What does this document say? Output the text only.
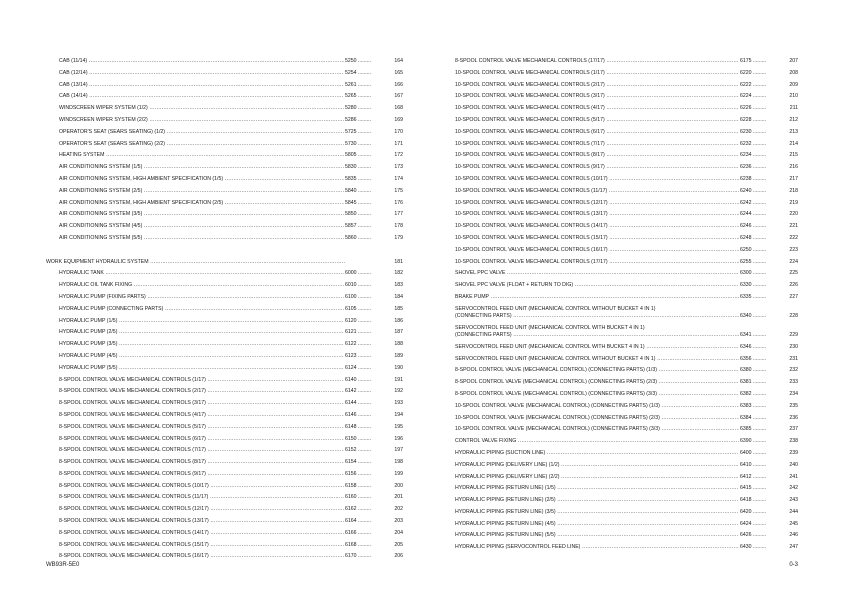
CAB (11/14) .....	5250 .....	164
CAB (12/14) .....	5254 .....	165
CAB (13/14) .....	5261 .....	166
CAB (14/14) .....	5265 .....	167
WINDSCREEN WIPER SYSTEM (1/2) .....	5280 .....	168
WINDSCREEN WIPER SYSTEM (2/2) .....	5286 .....	169
OPERATOR'S SEAT (SEARS SEATING) (1/2) .....	5725 .....	170
OPERATOR'S SEAT (SEARS SEATING) (2/2) .....	5730 .....	171
HEATING SYSTEM .....	5805 .....	172
AIR CONDITIONING SYSTEM (1/5) .....	5830 .....	173
AIR CONDITIONING SYSTEM, HIGH AMBIENT SPECIFICATION (1/5) .....	5835 .....	174
AIR CONDITIONING SYSTEM (2/5) .....	5840 .....	175
AIR CONDITIONING SYSTEM, HIGH AMBIENT SPECIFICATION (2/5) .....	5845 .....	176
AIR CONDITIONING SYSTEM (3/5) .....	5850 .....	177
AIR CONDITIONING SYSTEM (4/5) .....	5857 .....	178
AIR CONDITIONING SYSTEM (5/5) .....	5860 .....	179
WORK EQUIPMENT HYDRAULIC SYSTEM .....	181
HYDRAULIC TANK .....	6000 .....	182
HYDRAULIC OIL TANK FIXING .....	6010 .....	183
HYDRAULIC PUMP (FIXING PARTS) .....	6100 .....	184
HYDRAULIC PUMP (CONNECTING PARTS) .....	6105 .....	185
HYDRAULIC PUMP (1/5) .....	6120 .....	186
HYDRAULIC PUMP (2/5) .....	6121 .....	187
HYDRAULIC PUMP (3/5) .....	6122 .....	188
HYDRAULIC PUMP (4/5) .....	6123 .....	189
HYDRAULIC PUMP (5/5) .....	6124 .....	190
8-SPOOL CONTROL VALVE MECHANICAL CONTROLS (1/17) .....	6140 .....	191
8-SPOOL CONTROL VALVE MECHANICAL CONTROLS (2/17) .....	6142 .....	192
8-SPOOL CONTROL VALVE MECHANICAL CONTROLS (3/17) .....	6144 .....	193
8-SPOOL CONTROL VALVE MECHANICAL CONTROLS (4/17) .....	6146 .....	194
8-SPOOL CONTROL VALVE MECHANICAL CONTROLS (5/17) .....	6148 .....	195
8-SPOOL CONTROL VALVE MECHANICAL CONTROLS (6/17) .....	6150 .....	196
8-SPOOL CONTROL VALVE MECHANICAL CONTROLS (7/17) .....	6152 .....	197
8-SPOOL CONTROL VALVE MECHANICAL CONTROLS (8/17) .....	6154 .....	198
8-SPOOL CONTROL VALVE MECHANICAL CONTROLS (9/17) .....	6156 .....	199
8-SPOOL CONTROL VALVE MECHANICAL CONTROLS (10/17) .....	6158 .....	200
8-SPOOL CONTROL VALVE MECHANICAL CONTROLS (11/17) .....	6160 .....	201
8-SPOOL CONTROL VALVE MECHANICAL CONTROLS (12/17) .....	6162 .....	202
8-SPOOL CONTROL VALVE MECHANICAL CONTROLS (13/17) .....	6164 .....	203
8-SPOOL CONTROL VALVE MECHANICAL CONTROLS (14/17) .....	6166 .....	204
8-SPOOL CONTROL VALVE MECHANICAL CONTROLS (15/17) .....	6168 .....	205
8-SPOOL CONTROL VALVE MECHANICAL CONTROLS (16/17) .....	6170 .....	206
8-SPOOL CONTROL VALVE MECHANICAL CONTROLS (17/17) .....	6175 .....	207
10-SPOOL CONTROL VALVE MECHANICAL CONTROLS (1/17) .....	6220 .....	208
10-SPOOL CONTROL VALVE MECHANICAL CONTROLS (2/17) .....	6222 .....	209
10-SPOOL CONTROL VALVE MECHANICAL CONTROLS (3/17) .....	6224 .....	210
10-SPOOL CONTROL VALVE MECHANICAL CONTROLS (4/17) .....	6226 .....	211
10-SPOOL CONTROL VALVE MECHANICAL CONTROLS (5/17) .....	6228 .....	212
10-SPOOL CONTROL VALVE MECHANICAL CONTROLS (6/17) .....	6230 .....	213
10-SPOOL CONTROL VALVE MECHANICAL CONTROLS (7/17) .....	6232 .....	214
10-SPOOL CONTROL VALVE MECHANICAL CONTROLS (8/17) .....	6234 .....	215
10-SPOOL CONTROL VALVE MECHANICAL CONTROLS (9/17) .....	6236 .....	216
10-SPOOL CONTROL VALVE MECHANICAL CONTROLS (10/17) .....	6238 .....	217
10-SPOOL CONTROL VALVE MECHANICAL CONTROLS (11/17) .....	6240 .....	218
10-SPOOL CONTROL VALVE MECHANICAL CONTROLS (12/17) .....	6242 .....	219
10-SPOOL CONTROL VALVE MECHANICAL CONTROLS (13/17) .....	6244 .....	220
10-SPOOL CONTROL VALVE MECHANICAL CONTROLS (14/17) .....	6246 .....	221
10-SPOOL CONTROL VALVE MECHANICAL CONTROLS (15/17) .....	6248 .....	222
10-SPOOL CONTROL VALVE MECHANICAL CONTROLS (16/17) .....	6250 .....	223
10-SPOOL CONTROL VALVE MECHANICAL CONTROLS (17/17) .....	6255 .....	224
SHOVEL PPC VALVE .....	6300 .....	225
SHOVEL PPC VALVE (FLOAT + RETURN TO DIG) .....	6330 .....	226
BRAKE PUMP .....	6335 .....	227
SERVOCONTROL FEED UNIT (MECHANICAL CONTROL WITHOUT BUCKET 4 IN 1)
(CONNECTING PARTS) .....	6340 .....	228
SERVOCONTROL FEED UNIT (MECHANICAL CONTROL WITH BUCKET 4 IN 1)
(CONNECTING PARTS) .....	6341 .....	229
SERVOCONTROL FEED UNIT (MECHANICAL CONTROL WITH BUCKET 4 IN 1) .....	6346 .....	230
SERVOCONTROL FEED UNIT (MECHANICAL CONTROL WITHOUT BUCKET 4 IN 1) .....	6356 .....	231
8-SPOOL CONTROL VALVE (MECHANICAL CONTROL) (CONNECTING PARTS) (1/3) .....	6380 .....	232
8-SPOOL CONTROL VALVE (MECHANICAL CONTROL) (CONNECTING PARTS) (2/3) .....	6381 .....	233
8-SPOOL CONTROL VALVE (MECHANICAL CONTROL) (CONNECTING PARTS) (3/3) .....	6382 .....	234
10-SPOOL CONTROL VALVE (MECHANICAL CONTROL) (CONNECTING PARTS) (1/3) .....	6383 .....	235
10-SPOOL CONTROL VALVE (MECHANICAL CONTROL) (CONNECTING PARTS) (2/3) .....	6384 .....	236
10-SPOOL CONTROL VALVE (MECHANICAL CONTROL) (CONNECTING PARTS) (3/3) .....	6385 .....	237
CONTROL VALVE FIXING .....	6390 .....	238
HYDRAULIC PIPING (SUCTION LINE) .....	6400 .....	239
HYDRAULIC PIPING (DELIVERY LINE) (1/2) .....	6410 .....	240
HYDRAULIC PIPING (DELIVERY LINE) (2/2) .....	6412 .....	241
HYDRAULIC PIPING (RETURN LINE) (1/5) .....	6415 .....	242
HYDRAULIC PIPING (RETURN LINE) (2/5) .....	6418 .....	243
HYDRAULIC PIPING (RETURN LINE) (3/5) .....	6420 .....	244
HYDRAULIC PIPING (RETURN LINE) (4/5) .....	6424 .....	245
HYDRAULIC PIPING (RETURN LINE) (5/5) .....	6426 .....	246
HYDRAULIC PIPING (SERVOCONTROL FEED LINE) .....	6430 .....	247
WB93R-5E0	0-3
